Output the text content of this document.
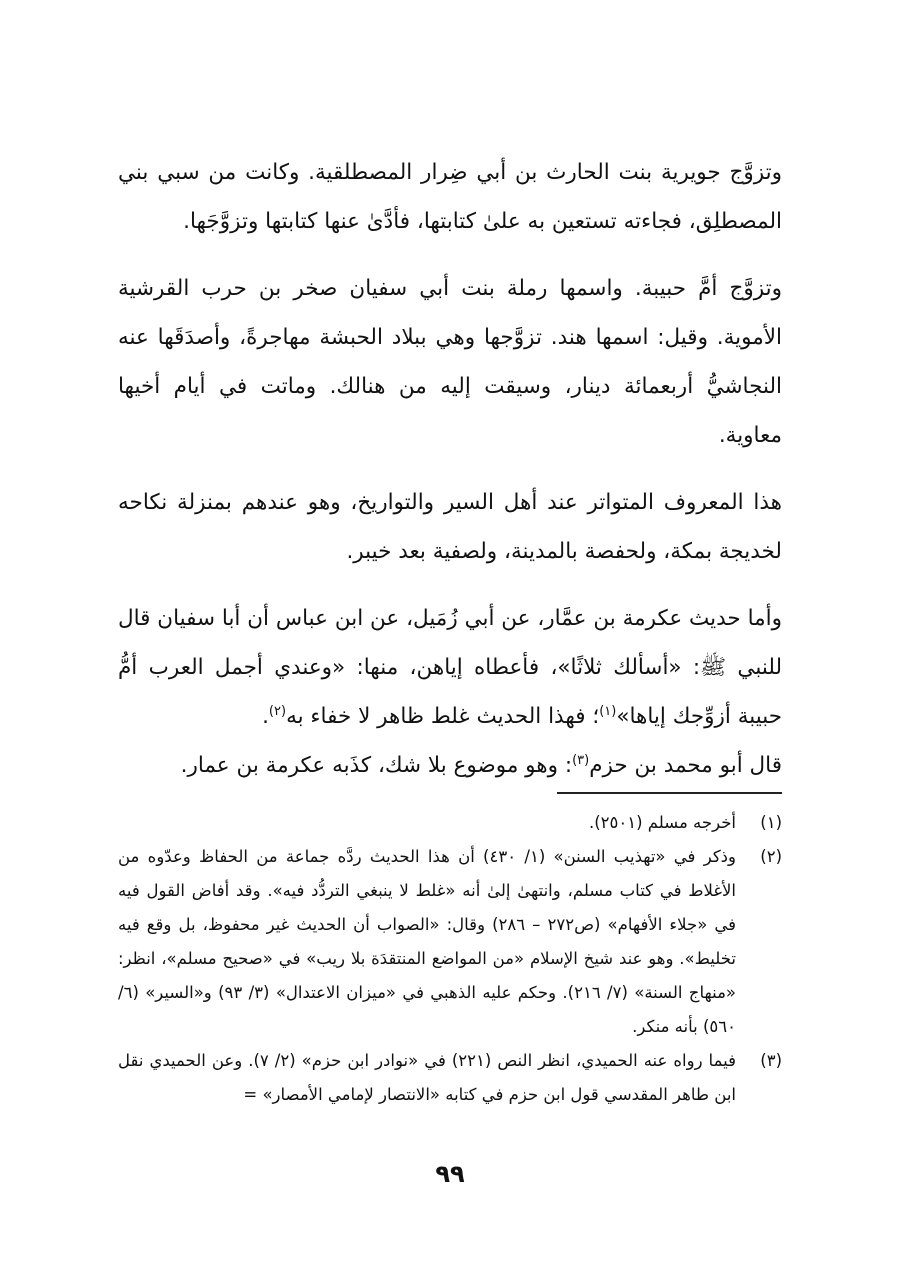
وتزوَّج جويرية بنت الحارث بن أبي ضِرار المصطلقية. وكانت من سبي بني المصطلِق، فجاءته تستعين به علىٰ كتابتها، فأدَّىٰ عنها كتابتها وتزوَّجَها.

وتزوَّج أمَّ حبيبة. واسمها رملة بنت أبي سفيان صخر بن حرب القرشية الأموية. وقيل: اسمها هند. تزوَّجها وهي ببلاد الحبشة مهاجرةً، وأصدَقَها عنه النجاشيُّ أربعمائة دينار، وسيقت إليه من هنالك. وماتت في أيام أخيها معاوية.

هذا المعروف المتواتر عند أهل السير والتواريخ، وهو عندهم بمنزلة نكاحه لخديجة بمكة، ولحفصة بالمدينة، ولصفية بعد خيبر.

وأما حديث عكرمة بن عمَّار، عن أبي زُمَيل، عن ابن عباس أن أبا سفيان قال للنبي ﷺ: «أسألك ثلاثًا»، فأعطاه إياهن، منها: «وعندي أجمل العرب أمُّ حبيبة أزوِّجك إياها»$^{(١)}$؛ فهذا الحديث غلط ظاهر لا خفاء به$^{(٢)}$.

قال أبو محمد بن حزم$^{(٣)}$: وهو موضوع بلا شك، كذَبه عكرمة بن عمار.

(١)
أخرجه مسلم (٢٥٠١).
(٢)
وذكر في «تهذيب السنن» (١/ ٤٣٠) أن هذا الحديث ردَّه جماعة من الحفاظ وعدّوه من الأغلاط في كتاب مسلم، وانتهىٰ إلىٰ أنه «غلط لا ينبغي التردُّد فيه». وقد أفاض القول فيه في «جلاء الأفهام» (ص٢٧٢ – ٢٨٦) وقال: «الصواب أن الحديث غير محفوظ، بل وقع فيه تخليط». وهو عند شيخ الإسلام «من المواضع المنتقدَة بلا ريب» في «صحيح مسلم»، انظر: «منهاج السنة» (٧/ ٢١٦). وحكم عليه الذهبي في «ميزان الاعتدال» (٣/ ٩٣) و«السير» (٦/ ٥٦٠) بأنه منكر.
(٣)
فيما رواه عنه الحميدي، انظر النص (٢٢١) في «نوادر ابن حزم» (٢/ ٧). وعن الحميدي نقل ابن طاهر المقدسي قول ابن حزم في كتابه «الانتصار لإمامي الأمصار» =
٩٩
